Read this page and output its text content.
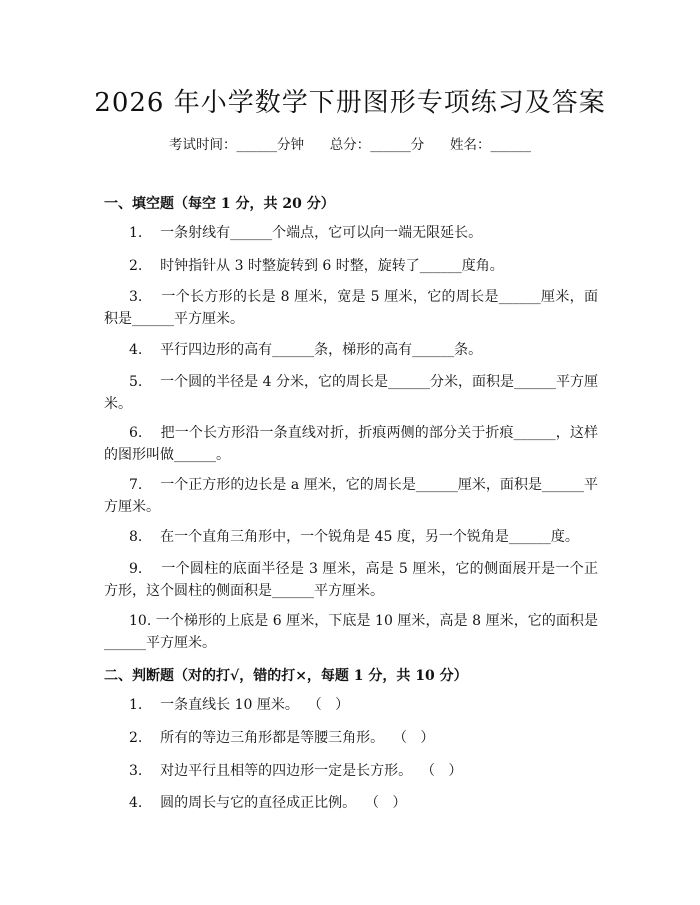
2026 年小学数学下册图形专项练习及答案
考试时间：______分钟      总分：______分      姓名：______
一、填空题（每空 1 分，共 20 分）
1.    一条射线有______个端点，它可以向一端无限延长。
2.    时钟指针从 3 时整旋转到 6 时整，旋转了______度角。
3.    一个长方形的长是 8 厘米，宽是 5 厘米，它的周长是______厘米，面积是______平方厘米。
4.    平行四边形的高有______条，梯形的高有______条。
5.    一个圆的半径是 4 分米，它的周长是______分米，面积是______平方厘米。
6.    把一个长方形沿一条直线对折，折痕两侧的部分关于折痕______，这样的图形叫做______。
7.    一个正方形的边长是 a 厘米，它的周长是______厘米，面积是______平方厘米。
8.    在一个直角三角形中，一个锐角是 45 度，另一个锐角是______度。
9.    一个圆柱的底面半径是 3 厘米，高是 5 厘米，它的侧面展开是一个正方形，这个圆柱的侧面积是______平方厘米。
10. 一个梯形的上底是 6 厘米，下底是 10 厘米，高是 8 厘米，它的面积是______平方厘米。
二、判断题（对的打√，错的打×，每题 1 分，共 10 分）
1.    一条直线长 10 厘米。  （   ）
2.    所有的等边三角形都是等腰三角形。  （   ）
3.    对边平行且相等的四边形一定是长方形。  （   ）
4.    圆的周长与它的直径成正比例。  （   ）
